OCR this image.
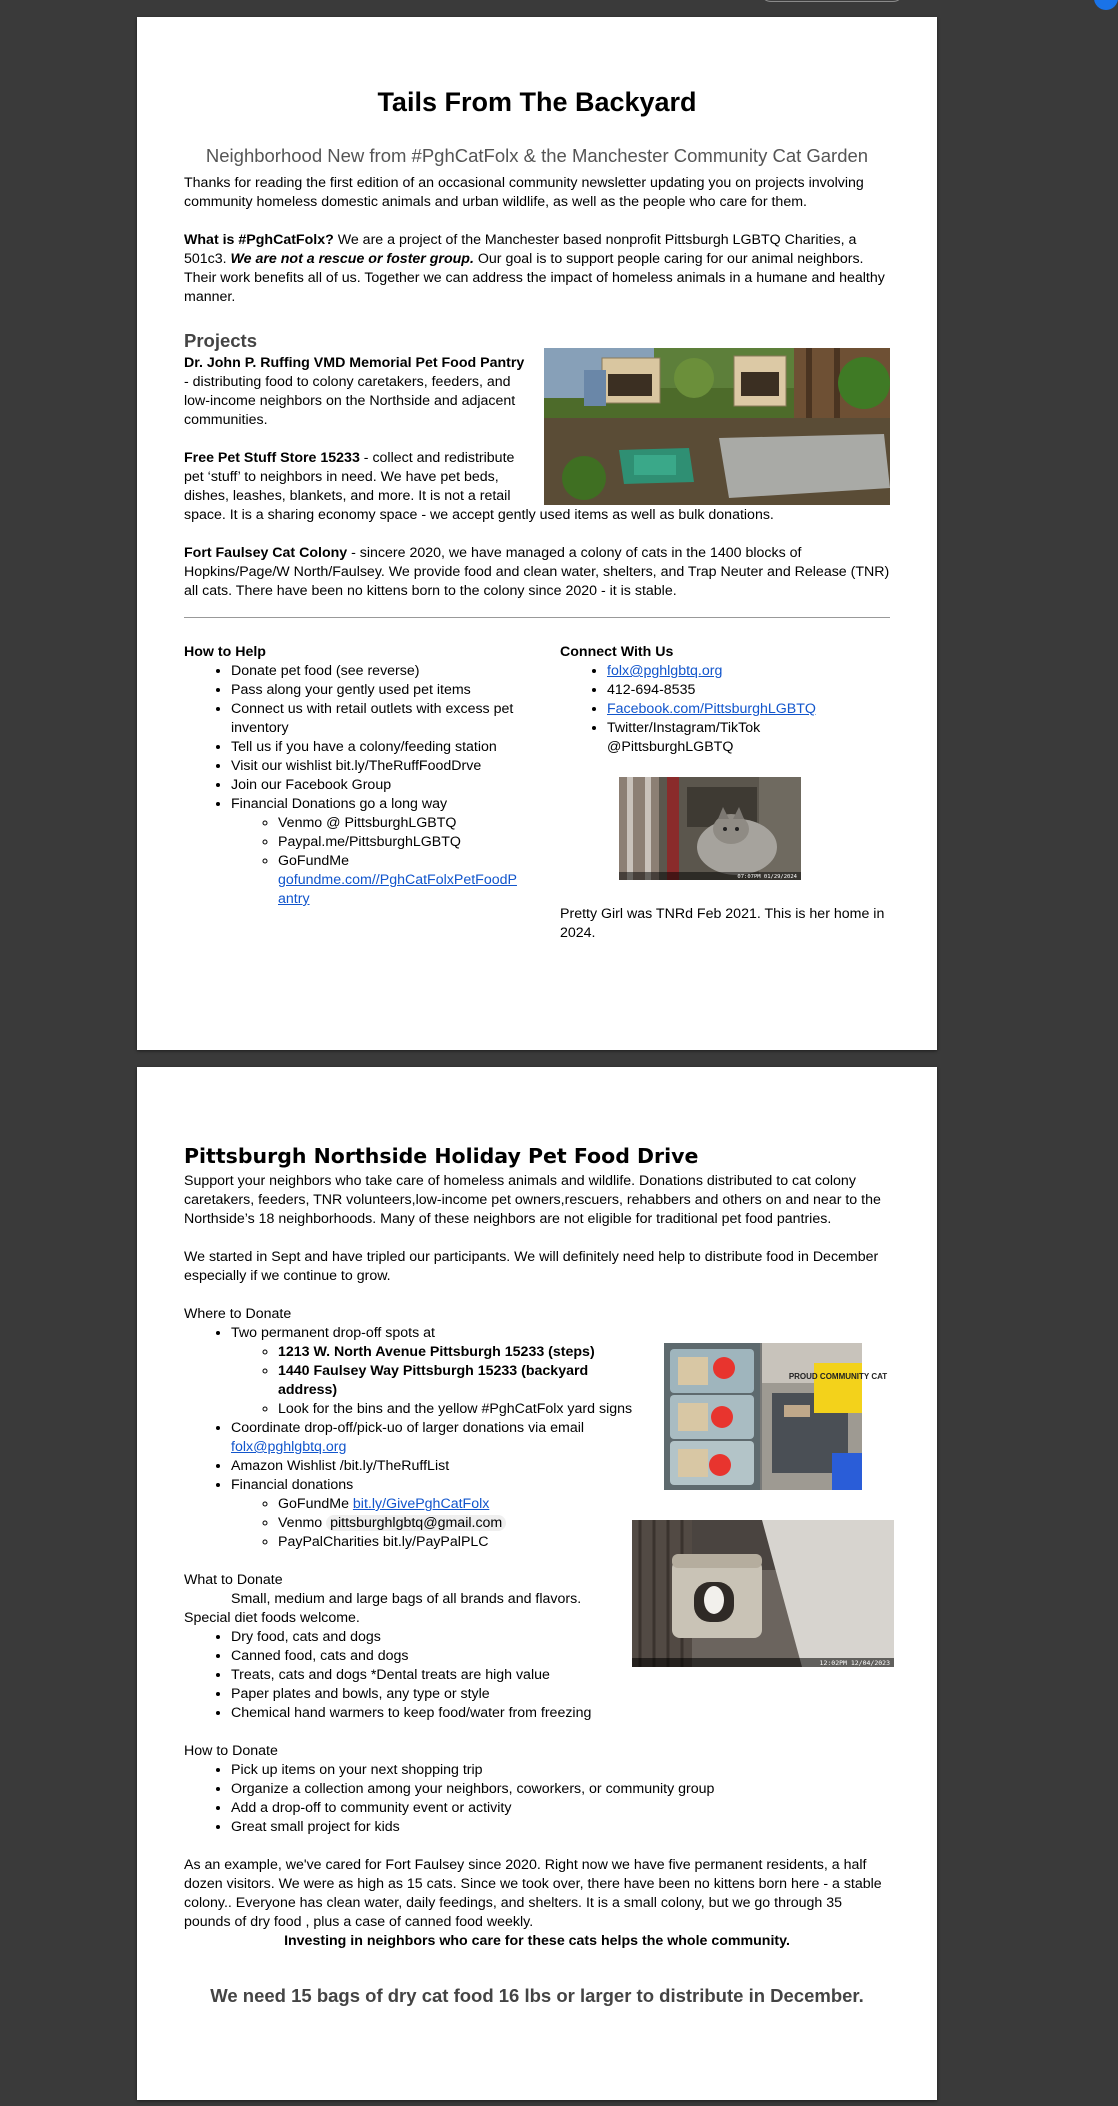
Tails From The Backyard
Neighborhood New from #PghCatFolx & the Manchester Community Cat Garden

Thanks for reading the first edition of an occasional community newsletter updating you on projects involving community homeless domestic animals and urban wildlife, as well as the people who care for them.

What is #PghCatFolx? We are a project of the Manchester based nonprofit Pittsburgh LGBTQ Charities, a 501c3. We are not a rescue or foster group. Our goal is to support people caring for our animal neighbors. Their work benefits all of us. Together we can address the impact of homeless animals in a humane and healthy manner.

Projects

Dr. John P. Ruffing VMD Memorial Pet Food Pantry - distributing food to colony caretakers, feeders, and low-income neighbors on the Northside and adjacent communities.

Free Pet Stuff Store 15233 - collect and redistribute pet ‘stuff’ to neighbors in need. We have pet beds, dishes, leashes, blankets, and more. It is not a retail space. It is a sharing economy space - we accept gently used items as well as bulk donations.

Fort Faulsey Cat Colony - sincere 2020, we have managed a colony of cats in the 1400 blocks of Hopkins/Page/W North/Faulsey. We provide food and clean water, shelters, and Trap Neuter and Release (TNR) all cats. There have been no kittens born to the colony since 2020 - it is stable.

How to Help
• Donate pet food (see reverse)
• Pass along your gently used pet items
• Connect us with retail outlets with excess pet inventory
• Tell us if you have a colony/feeding station
• Visit our wishlist bit.ly/TheRuffFoodDrve
• Join our Facebook Group
• Financial Donations go a long way
◦ Venmo @ PittsburghLGBTQ
◦ Paypal.me/PittsburghLGBTQ
◦ GoFundMe
gofundme.com//PghCatFolxPetFoodPantry
Connect With Us
• folx@pghlgbtq.org
• 412-694-8535
• Facebook.com/PittsburghLGBTQ
• Twitter/Instagram/TikTok @PittsburghLGBTQ
07:07PM 01/29/2024

Pretty Girl was TNRd Feb 2021. This is her home in 2024.

Pittsburgh Northside Holiday Pet Food Drive

Support your neighbors who take care of homeless animals and wildlife. Donations distributed to cat colony caretakers, feeders, TNR volunteers,low-income pet owners,rescuers, rehabbers and others on and near to the Northside’s 18 neighborhoods. Many of these neighbors are not eligible for traditional pet food pantries.

We started in Sept and have tripled our participants. We will definitely need help to distribute food in December especially if we continue to grow.

Where to Donate

• Two permanent drop-off spots at
◦ 1213 W. North Avenue Pittsburgh 15233 (steps)
◦ 1440 Faulsey Way Pittsburgh 15233 (backyard address)
◦ Look for the bins and the yellow #PghCatFolx yard signs
• Coordinate drop-off/pick-uo of larger donations via email folx@pghlgbtq.org
• Amazon Wishlist /bit.ly/TheRuffList
• Financial donations
◦ GoFundMe bit.ly/GivePghCatFolx
◦ Venmo pittsburghlgbtq@gmail.com
◦ PayPalCharities bit.ly/PayPalPLC

What to Donate

Small, medium and large bags of all brands and flavors.

Special diet foods welcome.

• Dry food, cats and dogs
• Canned food, cats and dogs
• Treats, cats and dogs *Dental treats are high value
• Paper plates and bowls, any type or style
• Chemical hand warmers to keep food/water from freezing

How to Donate

• Pick up items on your next shopping trip
• Organize a collection among your neighbors, coworkers, or community group
• Add a drop-off to community event or activity
• Great small project for kids

As an example, we've cared for Fort Faulsey since 2020. Right now we have five permanent residents, a half dozen visitors. We were as high as 15 cats. Since we took over, there have been no kittens born here - a stable colony.. Everyone has clean water, daily feedings, and shelters. It is a small colony, but we go through 35 pounds of dry food , plus a case of canned food weekly.

Investing in neighbors who care for these cats helps the whole community.

We need 15 bags of dry cat food 16 lbs or larger to distribute in December.

PROUD COMMUNITY CAT
12:02PM 12/04/2023
